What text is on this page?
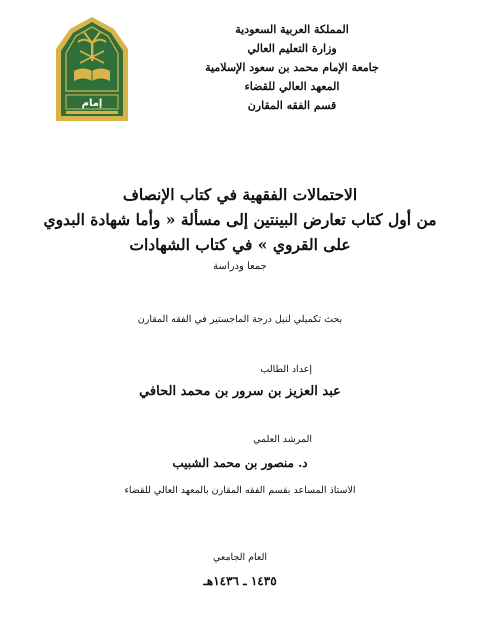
المملكة العربية السعودية
وزارة التعليم العالي
جامعة الإمام محمد بن سعود الإسلامية
المعهد العالي للقضاء
قسم الفقه المقارن
إمام
الاحتمالات الفقهية في كتاب الإنصاف
من أول كتاب تعارض البينتين إلى مسألة « وأما شهادة البدوي
على القروي » في كتاب الشهادات
جمعا ودراسة
بحث تكميلي لنيل درجة الماجستير في الفقه المقارن
إعداد الطالب
عبد العزيز بن سرور بن محمد الحافي
المرشد العلمي
د. منصور بن محمد الشبيب
الاستاذ المساعد بقسم الفقه المقارن بالمعهد العالي للقضاء
العام الجامعي
١٤٣٥ ـ ١٤٣٦هـ
